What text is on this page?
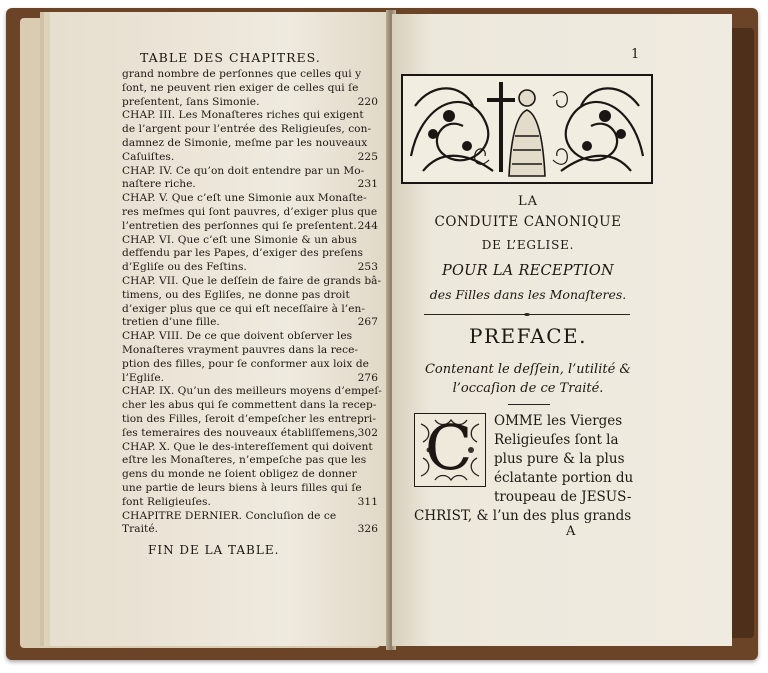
TABLE DES CHAPITRES.
grand nombre de perſonnes que celles qui y
ſont, ne peuvent rien exiger de celles qui ſe
preſentent, ſans Simonie.	220
CHAP. III. Les Monaſteres riches qui exigent
de l’argent pour l’entrée des Religieuſes, con-
damnez de Simonie, meſme par les nouveaux
Caſuiſtes.	225
CHAP. IV. Ce qu’on doit entendre par un Mo-
naſtere riche.	231
CHAP. V. Que c’eſt une Simonie aux Monaſte-
res meſmes qui ſont pauvres, d’exiger plus que
l’entretien des perſonnes qui ſe preſentent. 244
CHAP. VI. Que c’eſt une Simonie & un abus
deffendu par les Papes, d’exiger des preſens
d’Egliſe ou des Feſtins.	253
CHAP. VII. Que le deſſein de faire de grands bâ-
timens, ou des Egliſes, ne donne pas droit
d’exiger plus que ce qui eſt neceſſaire à l’en-
tretien d’une fille.	267
CHAP. VIII. De ce que doivent obſerver les
Monaſteres vrayment pauvres dans la rece-
ption des filles, pour ſe conformer aux loix de
l’Egliſe.	276
CHAP. IX. Qu’un des meilleurs moyens d’empeſ-
cher les abus qui ſe commettent dans la recep-
tion des Filles, ſeroit d’empeſcher les entrepri-
ſes temeraires des nouveaux établiſſemens, 302
CHAP. X. Que le des-intereſſement qui doivent
eſtre les Monaſteres, n’empeſche pas que les
gens du monde ne ſoient obligez de donner
une partie de leurs biens à leurs filles qui ſe
font Religieuſes.	311
CHAPITRE DERNIER. Concluſion de ce
Traité.	326
FIN DE LA TABLE.
1
LA
CONDUITE CANONIQUE
DE L’EGLISE.
POUR LA RECEPTION
des Filles dans les Monaſteres.
PREFACE.
Contenant le deſſein, l’utilité &
l’occaſion de ce Traité.
C OMME les Vierges
Religieuſes ſont la
plus pure & la plus
éclatante portion du
troupeau de JESUS-
CHRIST, & l’un des plus grands
A
